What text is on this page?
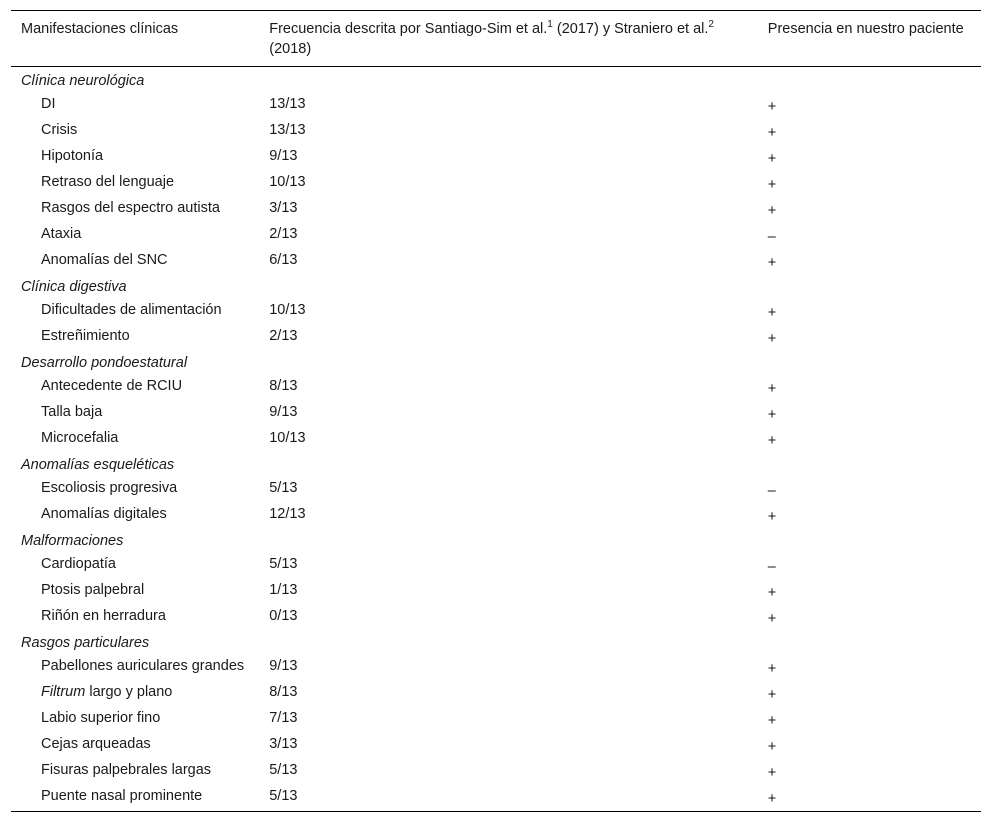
Manifestaciones clínicas	Frecuencia descrita por Santiago-Sim et al.$^1$ (2017) y Straniero et al.$^2$ (2018)	Presencia en nuestro paciente
Clínica neurológica		
DI	13/13	+
Crisis	13/13	+
Hipotonía	9/13	+
Retraso del lenguaje	10/13	+
Rasgos del espectro autista	3/13	+
Ataxia	2/13	–
Anomalías del SNC	6/13	+
Clínica digestiva		
Dificultades de alimentación	10/13	+
Estreñimiento	2/13	+
Desarrollo pondoestatural		
Antecedente de RCIU	8/13	+
Talla baja	9/13	+
Microcefalia	10/13	+
Anomalías esqueléticas		
Escoliosis progresiva	5/13	–
Anomalías digitales	12/13	+
Malformaciones		
Cardiopatía	5/13	–
Ptosis palpebral	1/13	+
Riñón en herradura	0/13	+
Rasgos particulares		
Pabellones auriculares grandes	9/13	+
Filtrum largo y plano	8/13	+
Labio superior fino	7/13	+
Cejas arqueadas	3/13	+
Fisuras palpebrales largas	5/13	+
Puente nasal prominente	5/13	+
